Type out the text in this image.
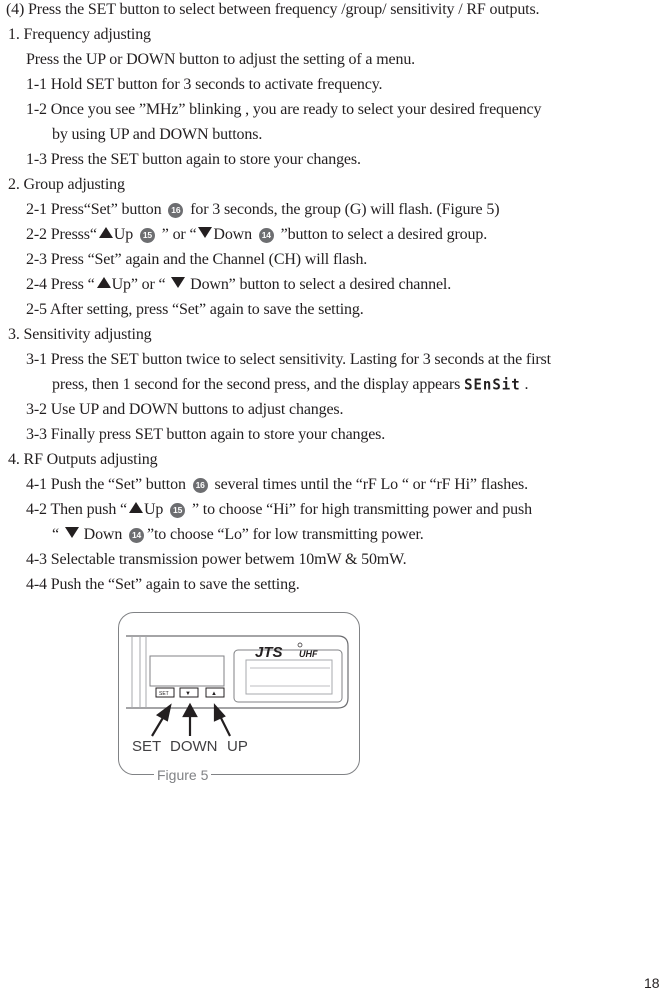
(4) Press the SET button to select between frequency /group/ sensitivity / RF outputs.
1. Frequency adjusting
Press the UP or DOWN button to adjust the setting of a menu.
1-1 Hold SET button for 3 seconds to activate frequency.
1-2 Once you see ”MHz” blinking , you are ready to select your desired frequency
by using UP and DOWN buttons.
1-3 Press the SET button again to store your changes.
2. Group adjusting
2-1 Press“Set” button 16 for 3 seconds, the group (G) will flash. (Figure 5)
2-2 Presss“ Up 15 ” or “ Down 14 ”button to select a desired group.
2-3 Press “Set” again and the Channel (CH) will flash.
2-4 Press “ Up” or “ Down” button to select a desired channel.
2-5 After setting, press “Set” again to save the setting.
3. Sensitivity adjusting
3-1 Press the SET button twice to select sensitivity. Lasting for 3 seconds at the first
press, then 1 second for the second press, and the display appears SEnSit .
3-2 Use UP and DOWN buttons to adjust changes.
3-3 Finally press SET button again to store your changes.
4. RF Outputs adjusting
4-1 Push the “Set” button 16 several times until the “rF Lo “ or “rF Hi” flashes.
4-2 Then push “ Up 15 ” to choose “Hi” for high transmitting power and push
“ Down 14 ”to choose “Lo” for low transmitting power.
4-3 Selectable transmission power betwem 10mW & 50mW.
4-4 Push the “Set” again to save the setting.
SET	▼	▲
JTS UHF
SET DOWN UP
Figure 5
18
